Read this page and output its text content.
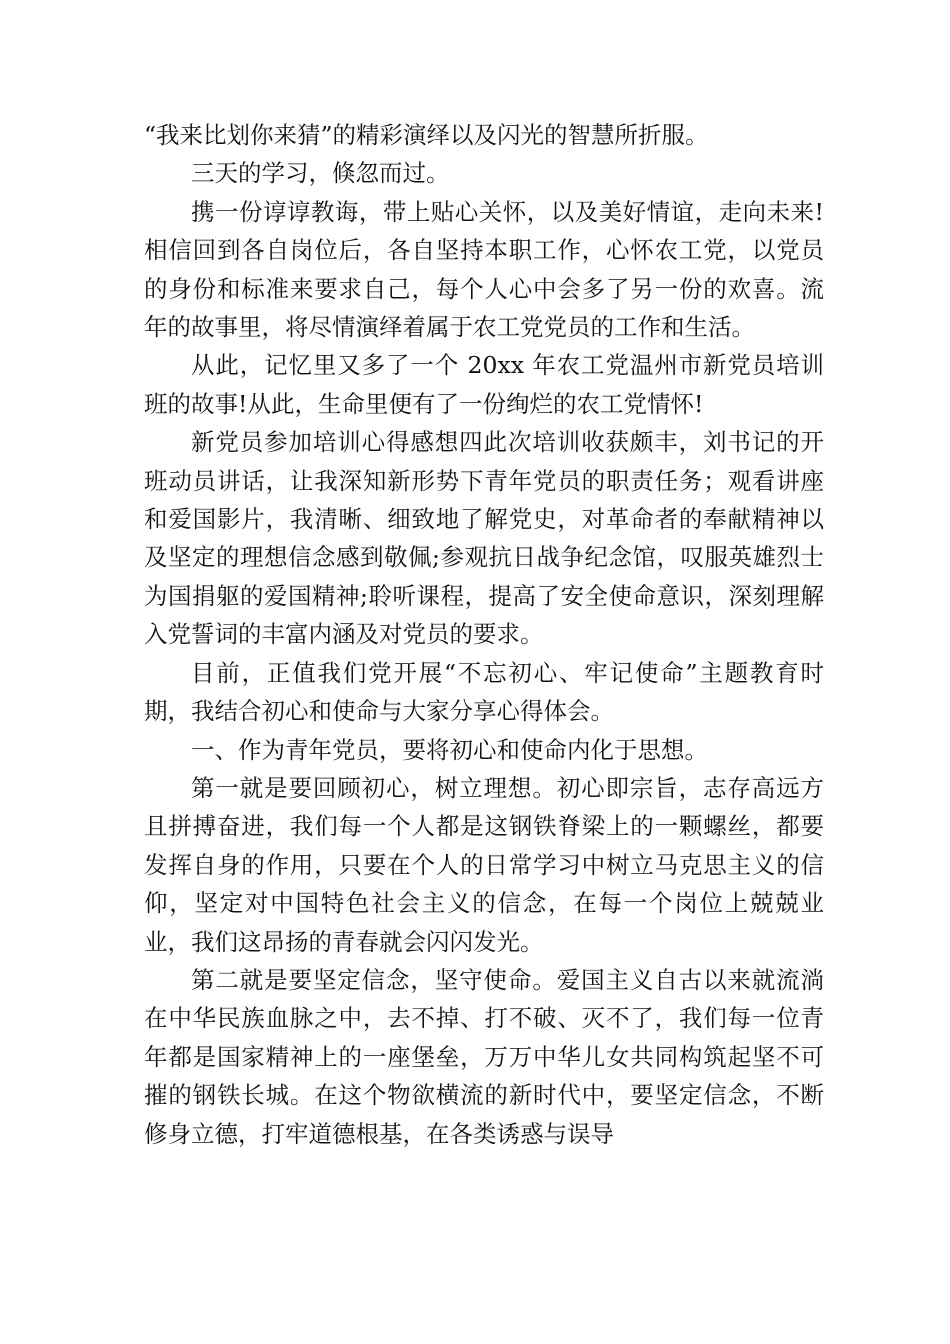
“我来比划你来猜”的精彩演绎以及闪光的智慧所折服。

三天的学习，倏忽而过。

携一份谆谆教诲，带上贴心关怀，以及美好情谊，走向未来!相信回到各自岗位后，各自坚持本职工作，心怀农工党，以党员的身份和标准来要求自己，每个人心中会多了另一份的欢喜。流年的故事里，将尽情演绎着属于农工党党员的工作和生活。

从此，记忆里又多了一个 20xx 年农工党温州市新党员培训班的故事!从此，生命里便有了一份绚烂的农工党情怀!

新党员参加培训心得感想四此次培训收获颇丰，刘书记的开班动员讲话，让我深知新形势下青年党员的职责任务；观看讲座和爱国影片，我清晰、细致地了解党史，对革命者的奉献精神以及坚定的理想信念感到敬佩;参观抗日战争纪念馆，叹服英雄烈士为国捐躯的爱国精神;聆听课程，提高了安全使命意识，深刻理解入党誓词的丰富内涵及对党员的要求。

目前，正值我们党开展“不忘初心、牢记使命”主题教育时期，我结合初心和使命与大家分享心得体会。

一、作为青年党员，要将初心和使命内化于思想。

第一就是要回顾初心，树立理想。初心即宗旨，志存高远方且拼搏奋进，我们每一个人都是这钢铁脊梁上的一颗螺丝，都要发挥自身的作用，只要在个人的日常学习中树立马克思主义的信仰，坚定对中国特色社会主义的信念，在每一个岗位上兢兢业业，我们这昂扬的青春就会闪闪发光。

第二就是要坚定信念，坚守使命。爱国主义自古以来就流淌在中华民族血脉之中，去不掉、打不破、灭不了，我们每一位青年都是国家精神上的一座堡垒，万万中华儿女共同构筑起坚不可摧的钢铁长城。在这个物欲横流的新时代中，要坚定信念，不断修身立德，打牢道德根基，在各类诱惑与误导
